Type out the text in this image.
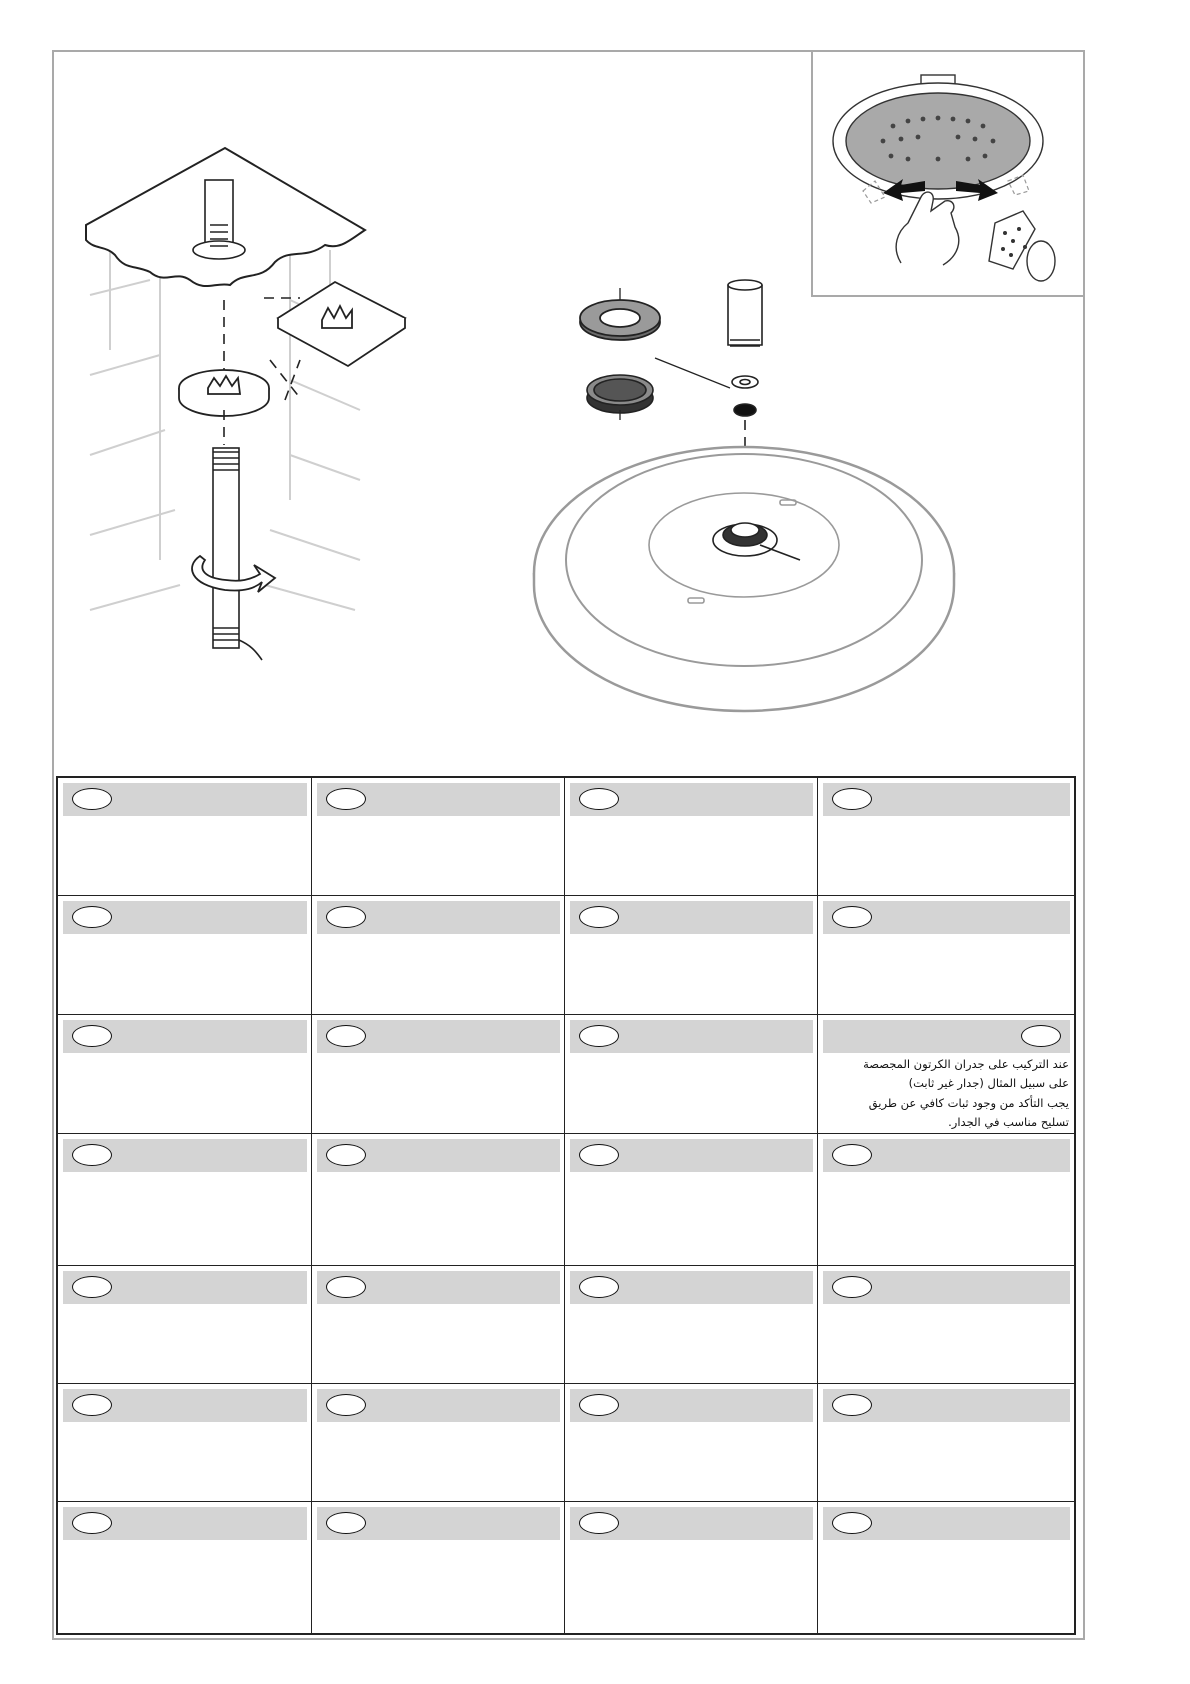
			عند التركيب على جدران الكرتون المجصصة
على سبيل المثال (جدار غير ثابت)
يجب التأكد من وجود ثبات كافي عن طريق
تسليح مناسب في الجدار.
